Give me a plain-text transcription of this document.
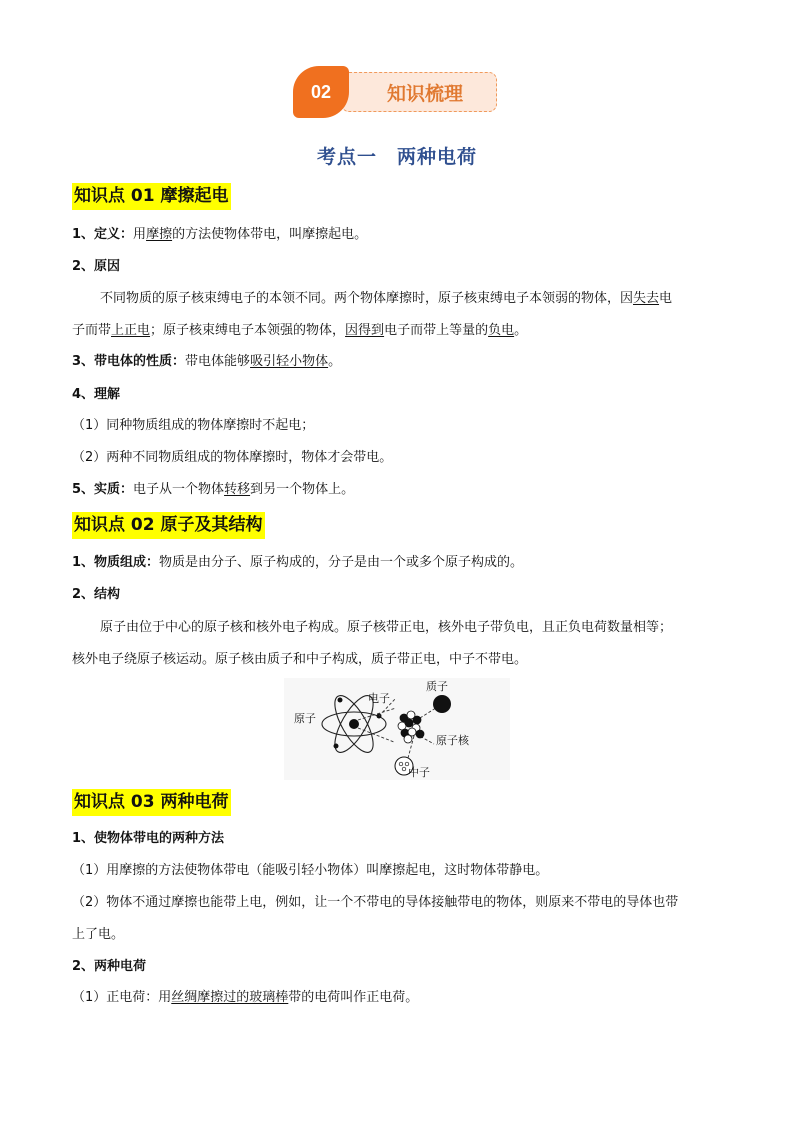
知识梳理
02
考点一　两种电荷
知识点 01 摩擦起电
1、定义：用摩擦的方法使物体带电，叫摩擦起电。
2、原因
不同物质的原子核束缚电子的本领不同。两个物体摩擦时，原子核束缚电子本领弱的物体，因失去电
子而带上正电；原子核束缚电子本领强的物体，因得到电子而带上等量的负电。
3、带电体的性质：带电体能够吸引轻小物体。
4、理解
（1）同种物质组成的物体摩擦时不起电；
（2）两种不同物质组成的物体摩擦时，物体才会带电。
5、实质：电子从一个物体转移到另一个物体上。
知识点 02 原子及其结构
1、物质组成：物质是由分子、原子构成的，分子是由一个或多个原子构成的。
2、结构
原子由位于中心的原子核和核外电子构成。原子核带正电，核外电子带负电，且正负电荷数量相等；
核外电子绕原子核运动。原子核由质子和中子构成，质子带正电，中子不带电。
原子
电子
质子
原子核
中子
知识点 03 两种电荷
1、使物体带电的两种方法
（1）用摩擦的方法使物体带电（能吸引轻小物体）叫摩擦起电，这时物体带静电。
（2）物体不通过摩擦也能带上电，例如，让一个不带电的导体接触带电的物体，则原来不带电的导体也带
上了电。
2、两种电荷
（1）正电荷：用丝绸摩擦过的玻璃棒带的电荷叫作正电荷。
